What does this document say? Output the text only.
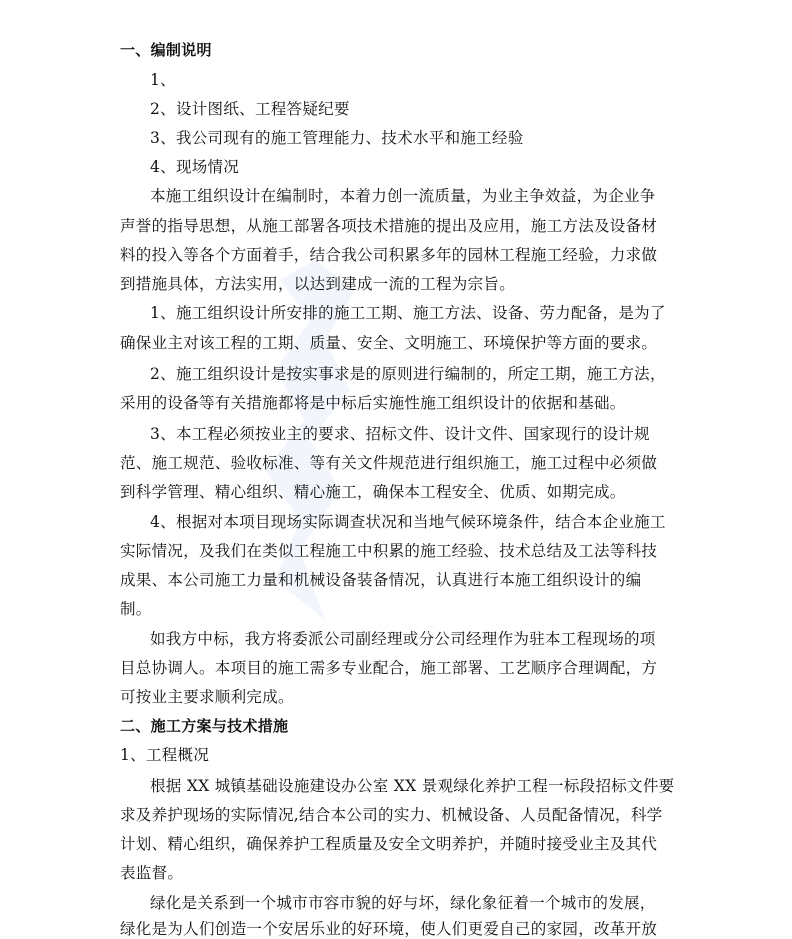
一、编制说明
1、
2、设计图纸、工程答疑纪要
3、我公司现有的施工管理能力、技术水平和施工经验
4、现场情况
本施工组织设计在编制时，本着力创一流质量，为业主争效益，为企业争
声誉的指导思想，从施工部署各项技术措施的提出及应用，施工方法及设备材
料的投入等各个方面着手，结合我公司积累多年的园林工程施工经验，力求做
到措施具体，方法实用，以达到建成一流的工程为宗旨。
1、施工组织设计所安排的施工工期、施工方法、设备、劳力配备，是为了
确保业主对该工程的工期、质量、安全、文明施工、环境保护等方面的要求。
2、施工组织设计是按实事求是的原则进行编制的，所定工期，施工方法，
采用的设备等有关措施都将是中标后实施性施工组织设计的依据和基础。
3、本工程必须按业主的要求、招标文件、设计文件、国家现行的设计规
范、施工规范、验收标准、等有关文件规范进行组织施工，施工过程中必须做
到科学管理、精心组织、精心施工，确保本工程安全、优质、如期完成。
4、根据对本项目现场实际调查状况和当地气候环境条件，结合本企业施工
实际情况，及我们在类似工程施工中积累的施工经验、技术总结及工法等科技
成果、本公司施工力量和机械设备装备情况，认真进行本施工组织设计的编
制。
如我方中标，我方将委派公司副经理或分公司经理作为驻本工程现场的项
目总协调人。本项目的施工需多专业配合，施工部署、工艺顺序合理调配，方
可按业主要求顺利完成。
二、施工方案与技术措施
1、工程概况
根据 XX 城镇基础设施建设办公室 XX 景观绿化养护工程一标段招标文件要
求及养护现场的实际情况,结合本公司的实力、机械设备、人员配备情况，科学
计划、精心组织，确保养护工程质量及安全文明养护，并随时接受业主及其代
表监督。
绿化是关系到一个城市市容市貌的好与坏，绿化象征着一个城市的发展，
绿化是为人们创造一个安居乐业的好环境，使人们更爱自己的家园，改革开放
